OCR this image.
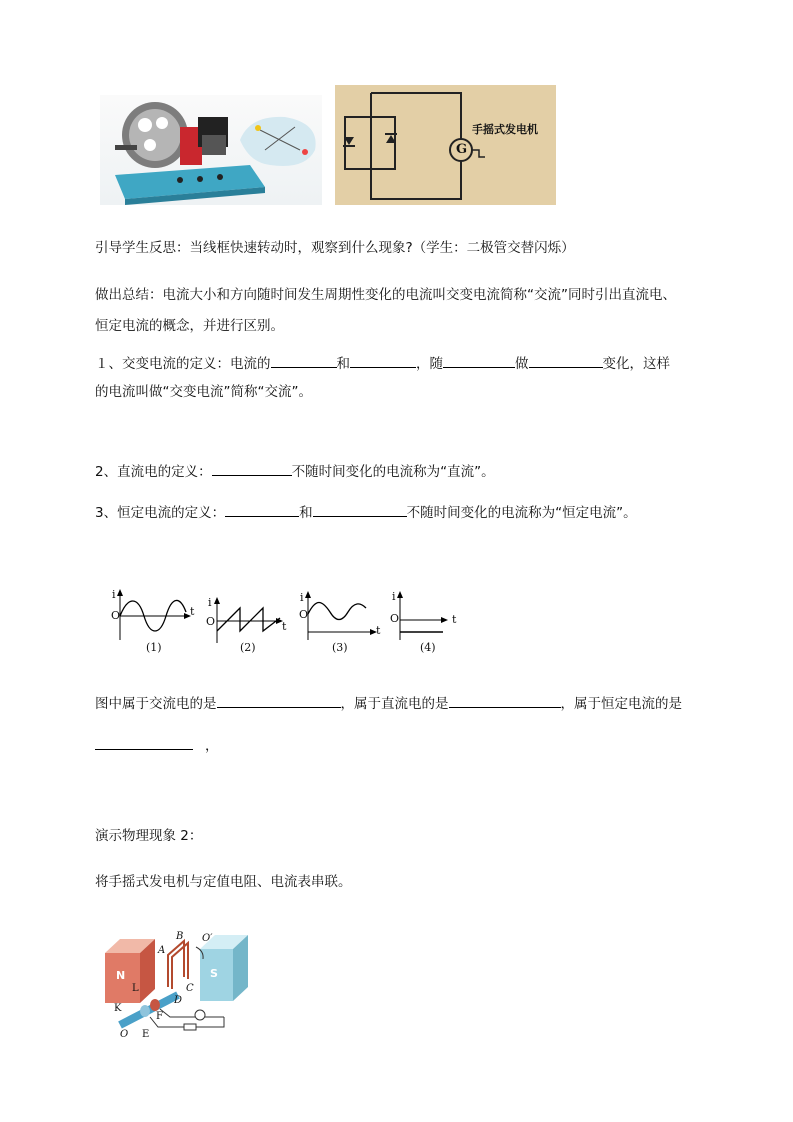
G
手摇式发电机
引导学生反思：当线框快速转动时，观察到什么现象?（学生：二极管交替闪烁）
做出总结：电流大小和方向随时间发生周期性变化的电流叫交变电流简称“交流”同时引出直流电、
恒定电流的概念，并进行区别。
１、交变电流的定义：电流的	和	，随	做	变化，这样
的电流叫做“交变电流”简称“交流”。
2、直流电的定义：	不随时间变化的电流称为“直流”。
3、恒定电流的定义：	和	不随时间变化的电流称为“恒定电流”。
i
O	t
i
O	t
i
O
t
i
O	t
(1)	(2)	(3)	(4)
图中属于交流电的是	，属于直流电的是	，属于恒定电流的是
，
演示物理现象 2：
将手摇式发电机与定值电阻、电流表串联。
N	S
B O′
A
L	C
D
K
F
O E
